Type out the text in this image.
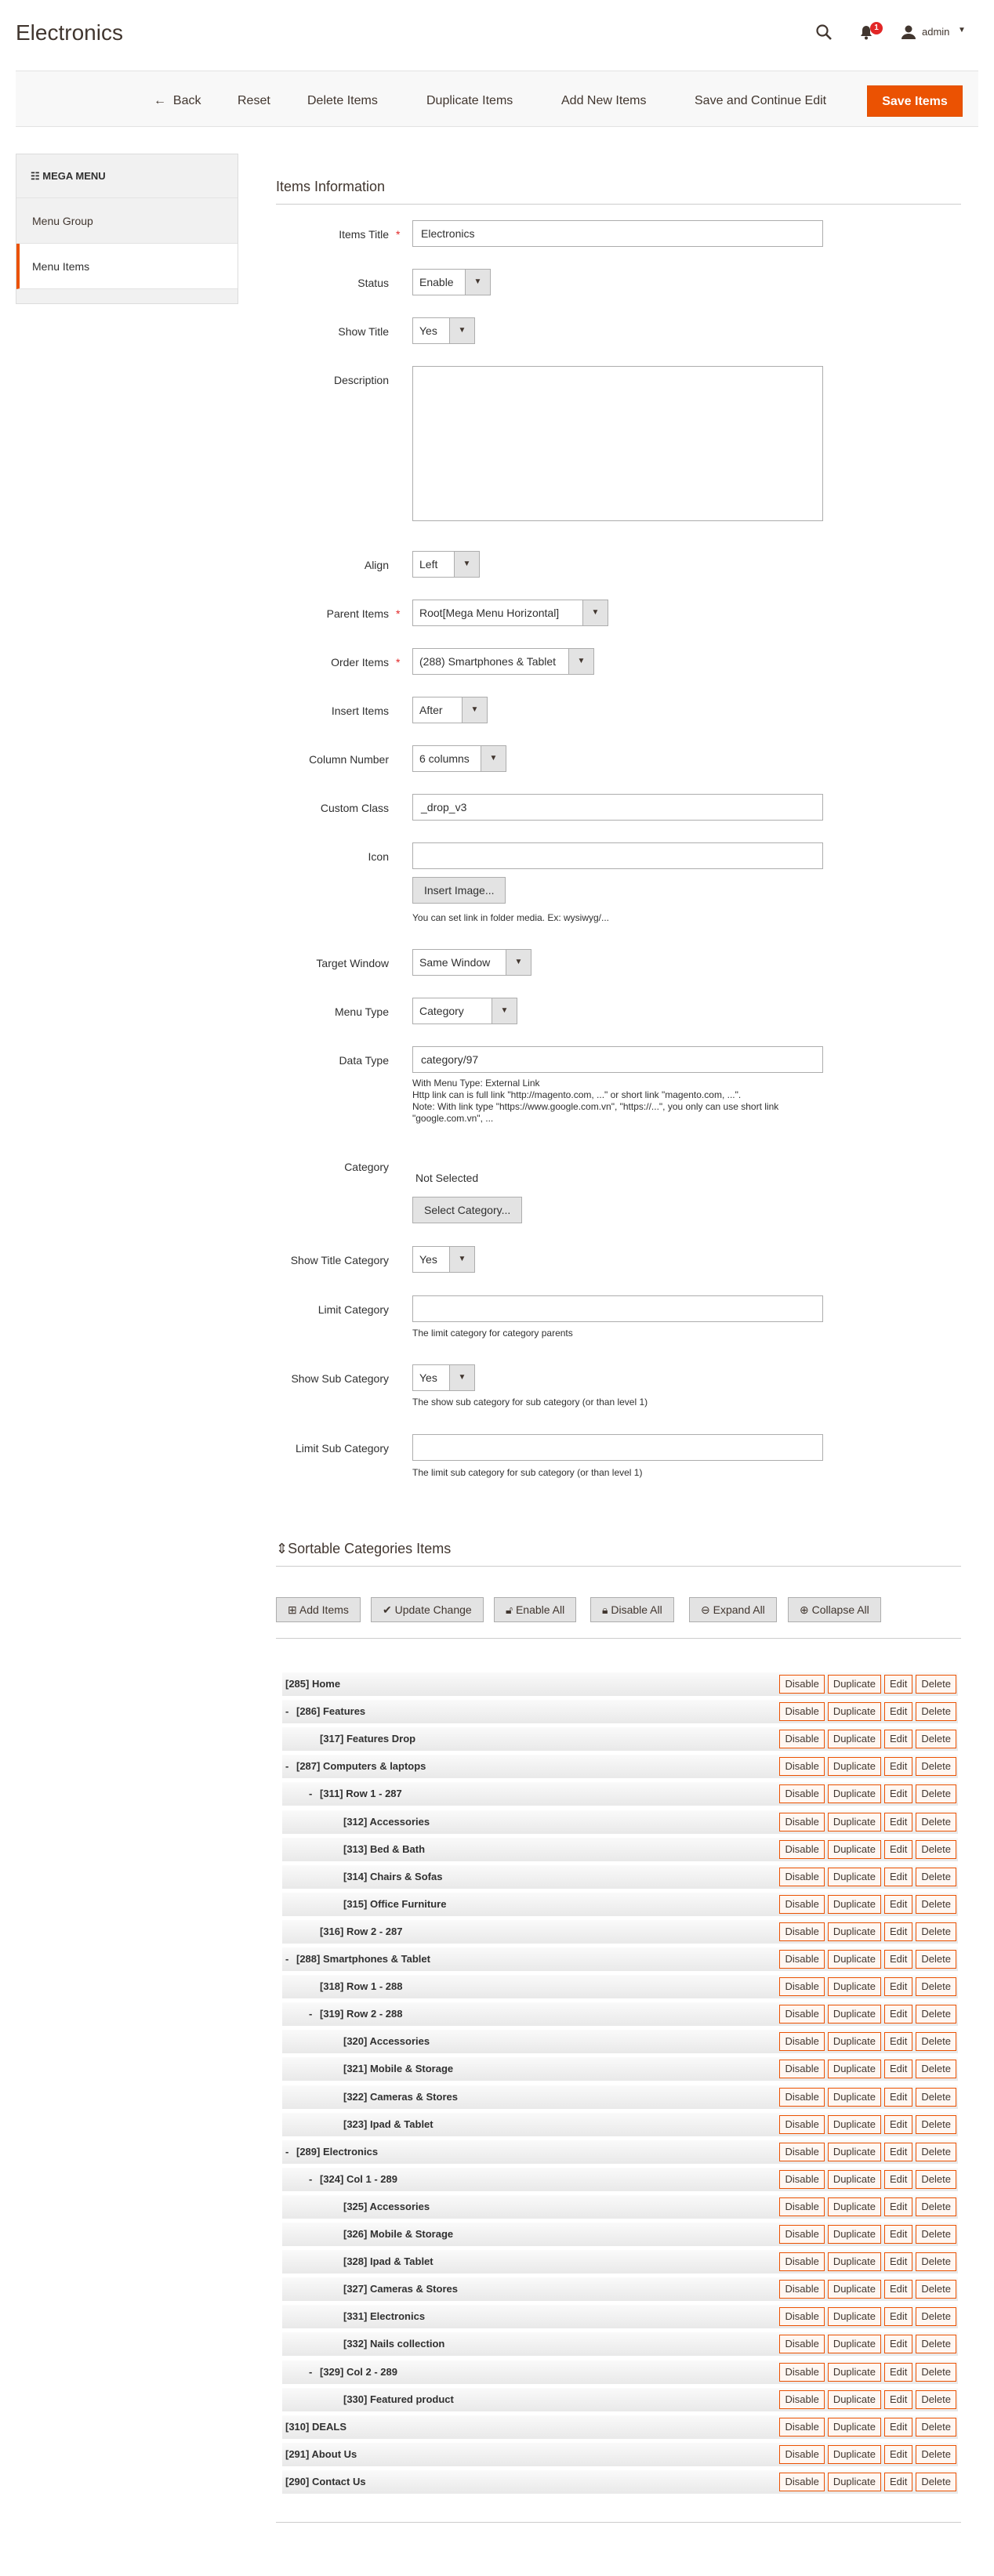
Electronics	1	admin ▼
← Back	Reset	Delete Items	Duplicate Items	Add New Items	Save and Continue Edit	Save Items
☷ MEGA MENU
Menu Group
Menu Items
Items Information
Items Title *	Electronics
Status	Enable	▼
Show Title	Yes	▼
Description
Align	Left	▼
Parent Items *	Root[Mega Menu Horizontal]	▼
Order Items *	(288) Smartphones & Tablet	▼
Insert Items	After	▼
Column Number	6 columns	▼
Custom Class	_drop_v3
Icon
Insert Image...
You can set link in folder media. Ex: wysiwyg/...
Target Window	Same Window	▼
Menu Type	Category	▼
Data Type	category/97
With Menu Type: External Link
Http link can is full link "http://magento.com, ..." or short link "magento.com, ...".
Note: With link type "https://www.google.com.vn", "https://...", you only can use short link
"google.com.vn", ...
Category
Not Selected
Select Category...
Show Title Category	Yes	▼
Limit Category
The limit category for category parents
Show Sub Category	Yes	▼
The show sub category for sub category (or than level 1)
Limit Sub Category
The limit sub category for sub category (or than level 1)
⇕Sortable Categories Items
⊞ Add Items	✔ Update Change	🔓︎ Enable All	🔒︎ Disable All	⊖ Expand All	⊕ Collapse All
[285] Home	Disable	Duplicate	Edit	Delete
- [286] Features	Disable	Duplicate	Edit	Delete
[317] Features Drop	Disable	Duplicate	Edit	Delete
- [287] Computers & laptops	Disable	Duplicate	Edit	Delete
- [311] Row 1 - 287	Disable	Duplicate	Edit	Delete
[312] Accessories	Disable	Duplicate	Edit	Delete
[313] Bed & Bath	Disable	Duplicate	Edit	Delete
[314] Chairs & Sofas	Disable	Duplicate	Edit	Delete
[315] Office Furniture	Disable	Duplicate	Edit	Delete
[316] Row 2 - 287	Disable	Duplicate	Edit	Delete
- [288] Smartphones & Tablet	Disable	Duplicate	Edit	Delete
[318] Row 1 - 288	Disable	Duplicate	Edit	Delete
- [319] Row 2 - 288	Disable	Duplicate	Edit	Delete
[320] Accessories	Disable	Duplicate	Edit	Delete
[321] Mobile & Storage	Disable	Duplicate	Edit	Delete
[322] Cameras & Stores	Disable	Duplicate	Edit	Delete
[323] Ipad & Tablet	Disable	Duplicate	Edit	Delete
- [289] Electronics	Disable	Duplicate	Edit	Delete
- [324] Col 1 - 289	Disable	Duplicate	Edit	Delete
[325] Accessories	Disable	Duplicate	Edit	Delete
[326] Mobile & Storage	Disable	Duplicate	Edit	Delete
[328] Ipad & Tablet	Disable	Duplicate	Edit	Delete
[327] Cameras & Stores	Disable	Duplicate	Edit	Delete
[331] Electronics	Disable	Duplicate	Edit	Delete
[332] Nails collection	Disable	Duplicate	Edit	Delete
- [329] Col 2 - 289	Disable	Duplicate	Edit	Delete
[330] Featured product	Disable	Duplicate	Edit	Delete
[310] DEALS	Disable	Duplicate	Edit	Delete
[291] About Us	Disable	Duplicate	Edit	Delete
[290] Contact Us	Disable	Duplicate	Edit	Delete
